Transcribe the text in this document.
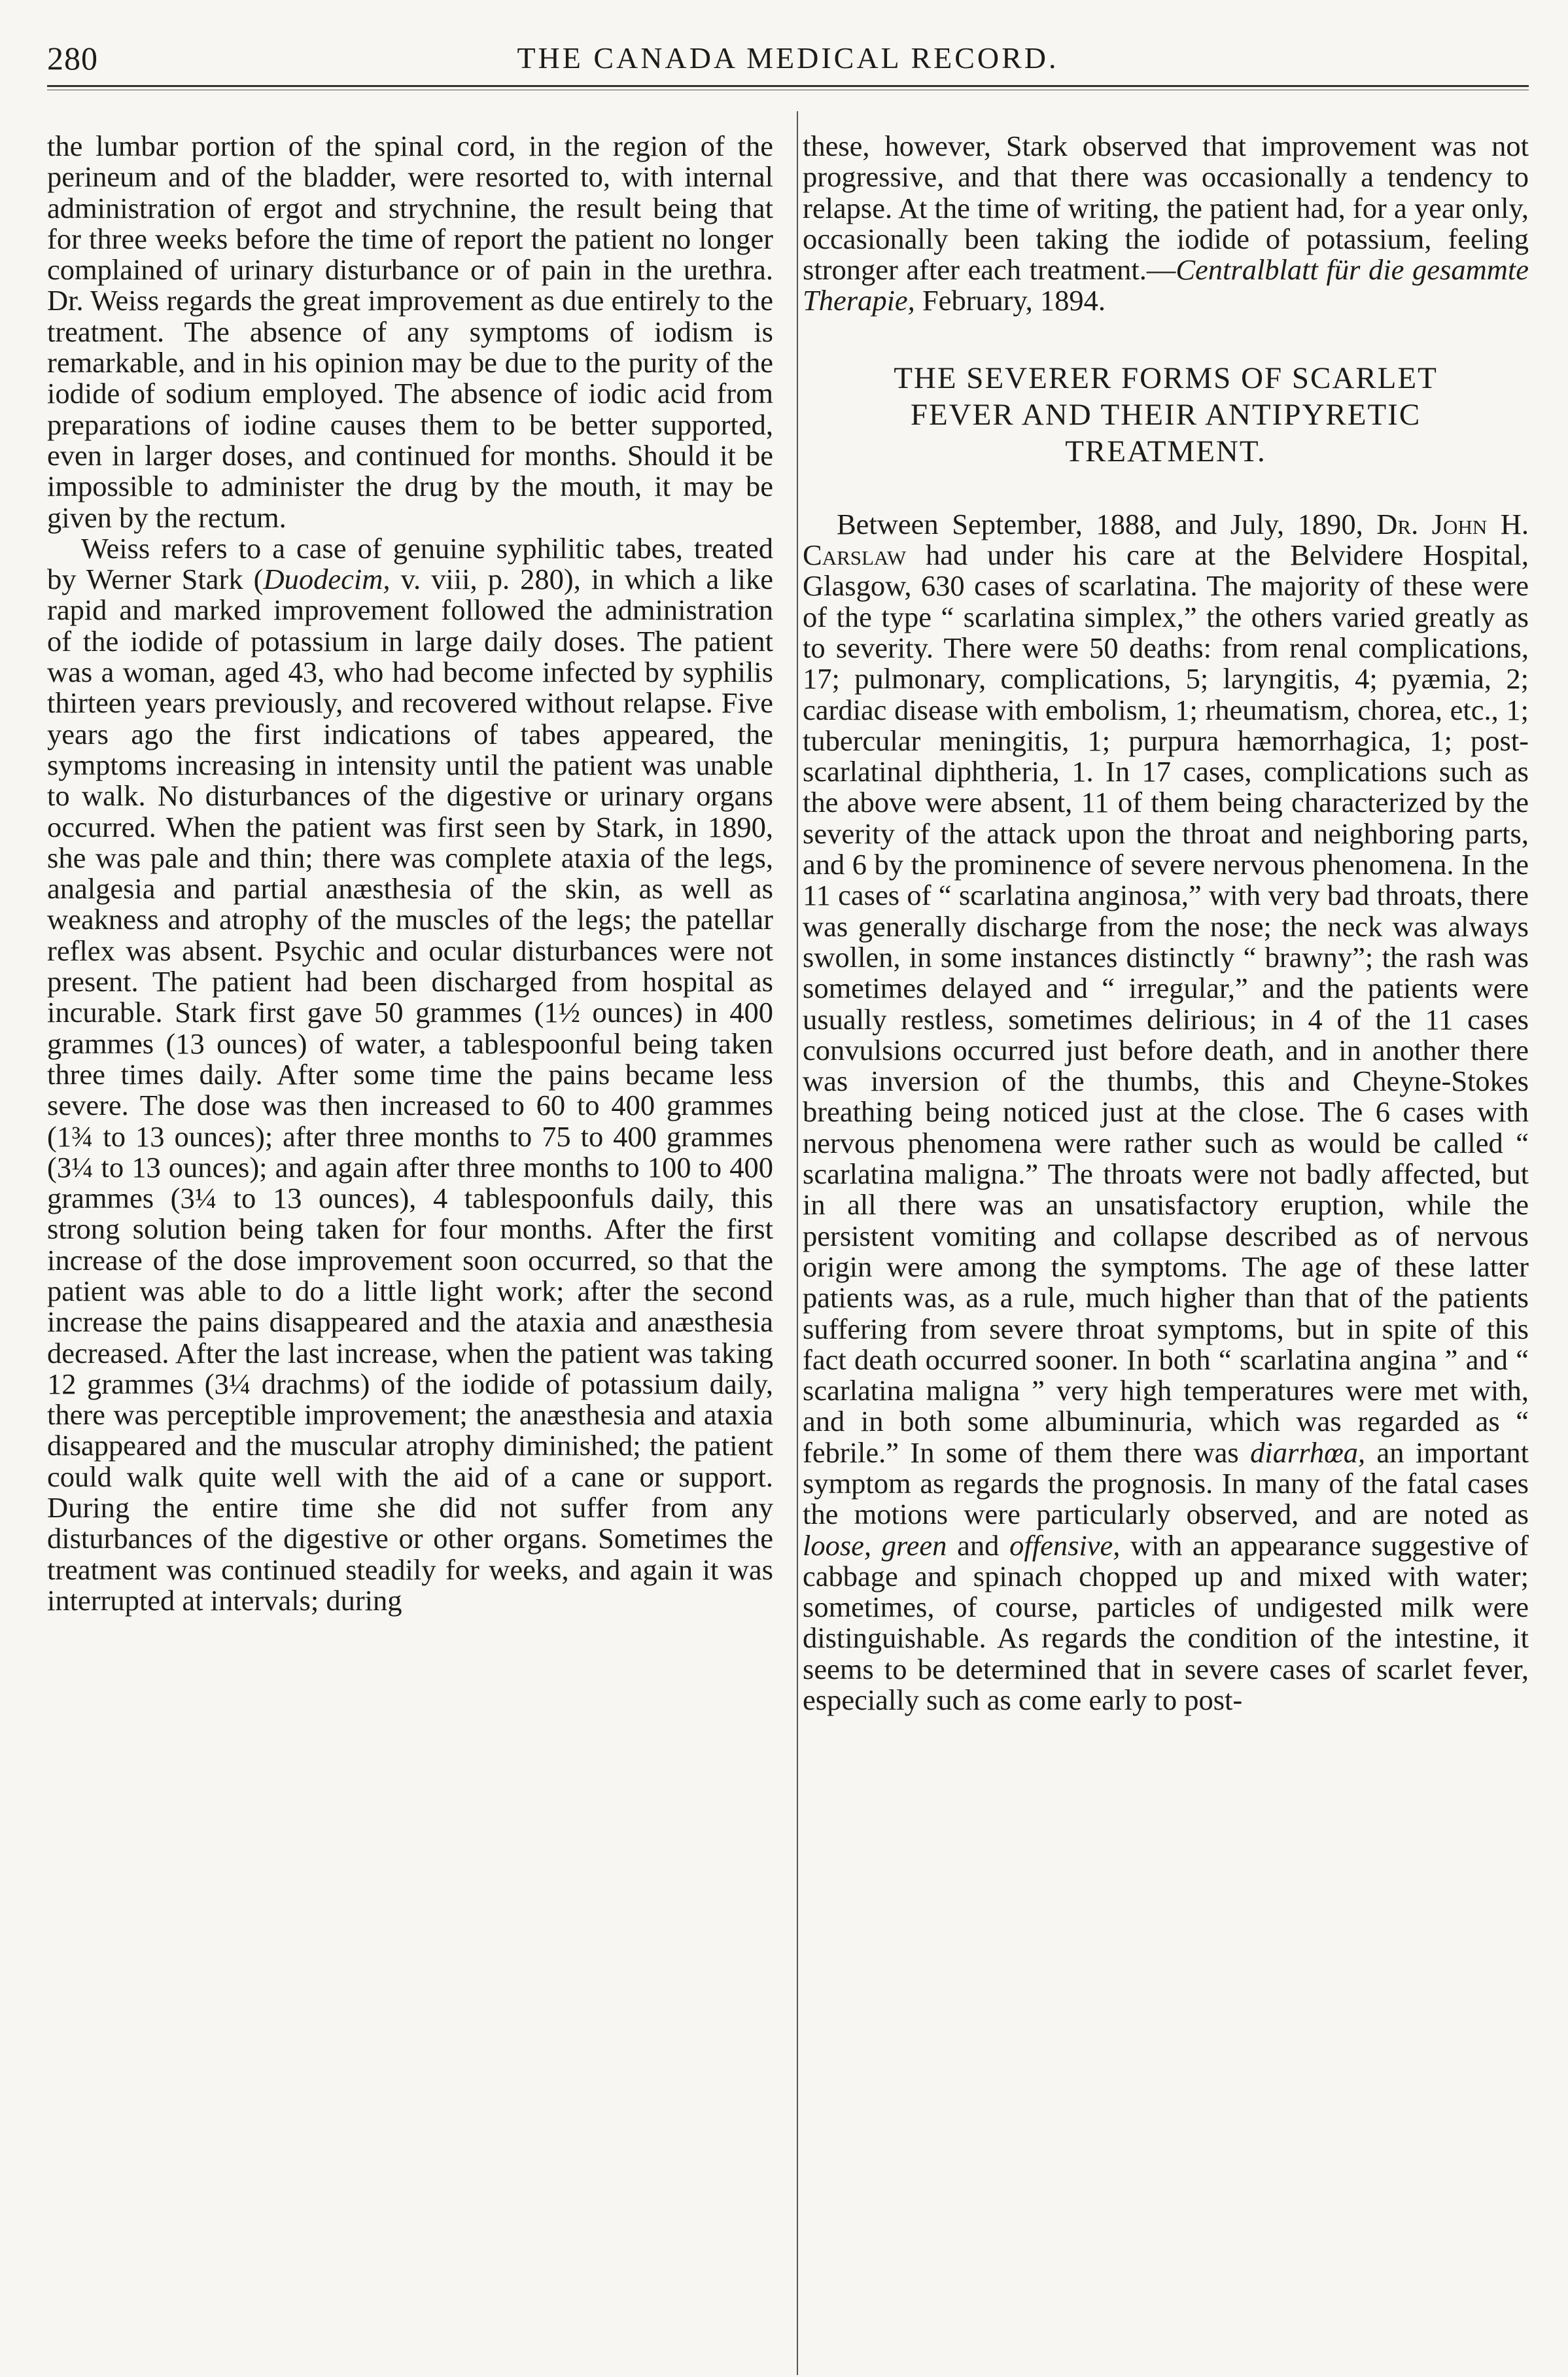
280	THE CANADA MEDICAL RECORD.

the lumbar portion of the spinal cord, in the region of the perineum and of the bladder, were resorted to, with internal administration of ergot and strychnine, the result being that for three weeks before the time of report the patient no longer complained of urinary disturbance or of pain in the urethra. Dr. Weiss regards the great improvement as due entirely to the treatment. The absence of any symptoms of iodism is remarkable, and in his opinion may be due to the purity of the iodide of sodium employed. The absence of iodic acid from preparations of iodine causes them to be better supported, even in larger doses, and continued for months. Should it be impossible to administer the drug by the mouth, it may be given by the rectum.

Weiss refers to a case of genuine syphilitic tabes, treated by Werner Stark (Duodecim, v. viii, p. 280), in which a like rapid and marked improvement followed the administration of the iodide of potassium in large daily doses. The patient was a woman, aged 43, who had become infected by syphilis thirteen years previously, and recovered without relapse. Five years ago the first indications of tabes appeared, the symptoms increasing in intensity until the patient was unable to walk. No disturbances of the digestive or urinary organs occurred. When the patient was first seen by Stark, in 1890, she was pale and thin; there was complete ataxia of the legs, analgesia and partial anæsthesia of the skin, as well as weakness and atrophy of the muscles of the legs; the patellar reflex was absent. Psychic and ocular disturbances were not present. The patient had been discharged from hospital as incurable. Stark first gave 50 grammes (1½ ounces) in 400 grammes (13 ounces) of water, a tablespoonful being taken three times daily. After some time the pains became less severe. The dose was then increased to 60 to 400 grammes (1¾ to 13 ounces); after three months to 75 to 400 grammes (3¼ to 13 ounces); and again after three months to 100 to 400 grammes (3¼ to 13 ounces), 4 tablespoonfuls daily, this strong solution being taken for four months. After the first increase of the dose improvement soon occurred, so that the patient was able to do a little light work; after the second increase the pains disappeared and the ataxia and anæsthesia decreased. After the last increase, when the patient was taking 12 grammes (3¼ drachms) of the iodide of potassium daily, there was perceptible improvement; the anæsthesia and ataxia disappeared and the muscular atrophy diminished; the patient could walk quite well with the aid of a cane or support. During the entire time she did not suffer from any disturbances of the digestive or other organs. Sometimes the treatment was continued steadily for weeks, and again it was interrupted at intervals; during

these, however, Stark observed that improvement was not progressive, and that there was occasionally a tendency to relapse. At the time of writing, the patient had, for a year only, occasionally been taking the iodide of potassium, feeling stronger after each treatment.—Centralblatt für die gesammte Therapie, February, 1894.

THE SEVERER FORMS OF SCARLET
FEVER AND THEIR ANTIPYRETIC
TREATMENT.

Between September, 1888, and July, 1890, Dr. John H. Carslaw had under his care at the Belvidere Hospital, Glasgow, 630 cases of scarlatina. The majority of these were of the type “ scarlatina simplex,” the others varied greatly as to severity. There were 50 deaths: from renal complications, 17; pulmonary, complications, 5; laryngitis, 4; pyæmia, 2; cardiac disease with embolism, 1; rheumatism, chorea, etc., 1; tubercular meningitis, 1; purpura hæmorrhagica, 1; post-scarlatinal diphtheria, 1. In 17 cases, complications such as the above were absent, 11 of them being characterized by the severity of the attack upon the throat and neighboring parts, and 6 by the prominence of severe nervous phenomena. In the 11 cases of “ scarlatina anginosa,” with very bad throats, there was generally discharge from the nose; the neck was always swollen, in some instances distinctly “ brawny”; the rash was sometimes delayed and “ irregular,” and the patients were usually restless, sometimes delirious; in 4 of the 11 cases convulsions occurred just before death, and in another there was inversion of the thumbs, this and Cheyne-Stokes breathing being noticed just at the close. The 6 cases with nervous phenomena were rather such as would be called “ scarlatina maligna.” The throats were not badly affected, but in all there was an unsatisfactory eruption, while the persistent vomiting and collapse described as of nervous origin were among the symptoms. The age of these latter patients was, as a rule, much higher than that of the patients suffering from severe throat symptoms, but in spite of this fact death occurred sooner. In both “ scarlatina angina ” and “ scarlatina maligna ” very high temperatures were met with, and in both some albuminuria, which was regarded as “ febrile.” In some of them there was diarrhœa, an important symptom as regards the prognosis. In many of the fatal cases the motions were particularly observed, and are noted as loose, green and offensive, with an appearance suggestive of cabbage and spinach chopped up and mixed with water; sometimes, of course, particles of undigested milk were distinguishable. As regards the condition of the intestine, it seems to be determined that in severe cases of scarlet fever, especially such as come early to post-
